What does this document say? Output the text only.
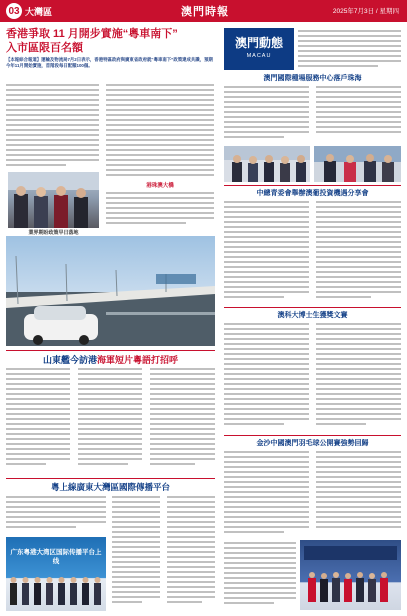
03 大灣區	澳門時報	2025年7月3日 / 星期四
香港爭取 11 月開步實施“粵車南下”
入市區限百名額
【本報綜合報道】運輸及物流局7月2日表示，香港特區政府與廣東省政府就“粵車南下”政策達成共識，預期今年11月開始實施，首階段每日配額100個。
業界期盼政策早日落地
港珠澳大橋
澳門動態
MACAU
澳門國際種場服務中心落戶珠海
中總青委會舉辦澳葡投資機遇分享會
澳科大博士生獲獎文賽
金沙中國澳門羽毛球公開賽強勢回歸
山東艦今訪港海軍短片粵語打招呼
粵上線廣東大灣區國際傳播平台
广东粤港大湾区国际传播平台上线
